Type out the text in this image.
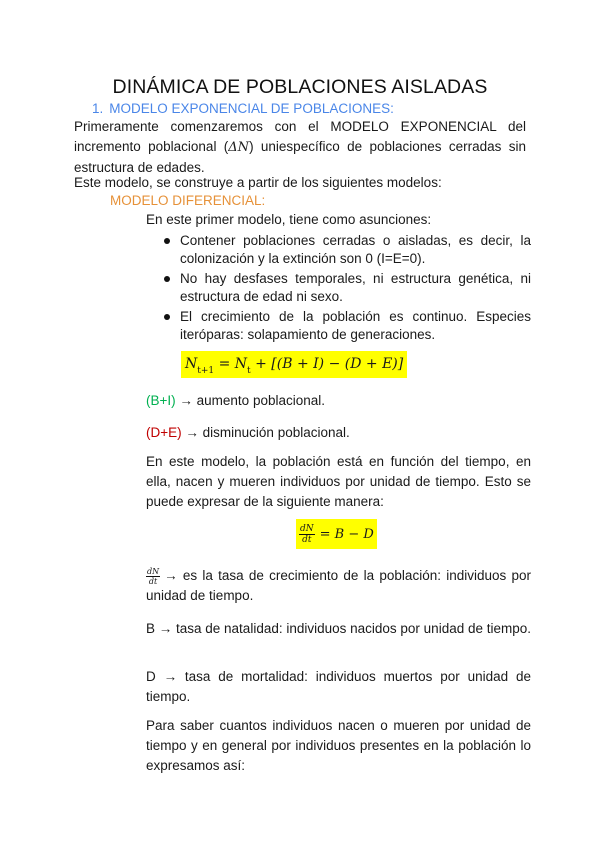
DINÁMICA DE POBLACIONES AISLADAS
1. MODELO EXPONENCIAL DE POBLACIONES:
Primeramente comenzaremos con el MODELO EXPONENCIAL del incremento poblacional (ΔN) uniespecífico de poblaciones cerradas sin estructura de edades.
Este modelo, se construye a partir de los siguientes modelos:
MODELO DIFERENCIAL:
En este primer modelo, tiene como asunciones:
Contener poblaciones cerradas o aisladas, es decir, la colonización y la extinción son 0 (I=E=0).
No hay desfases temporales, ni estructura genética, ni estructura de edad ni sexo.
El crecimiento de la población es continuo. Especies iteróparas: solapamiento de generaciones.
$N_{t+1} = N_t + [(B + I) - (D + E)]$
(B+I) → aumento poblacional.
(D+E) → disminución poblacional.
En este modelo, la población está en función del tiempo, en ella, nacen y mueren individuos por unidad de tiempo. Esto se puede expresar de la siguiente manera:
$\frac{dN}{dt} = B - D$
$\frac{dN}{dt}$ → es la tasa de crecimiento de la población: individuos por unidad de tiempo.
B → tasa de natalidad: individuos nacidos por unidad de tiempo.
D → tasa de mortalidad: individuos muertos por unidad de tiempo.
Para saber cuantos individuos nacen o mueren por unidad de tiempo y en general por individuos presentes en la población lo expresamos así:
